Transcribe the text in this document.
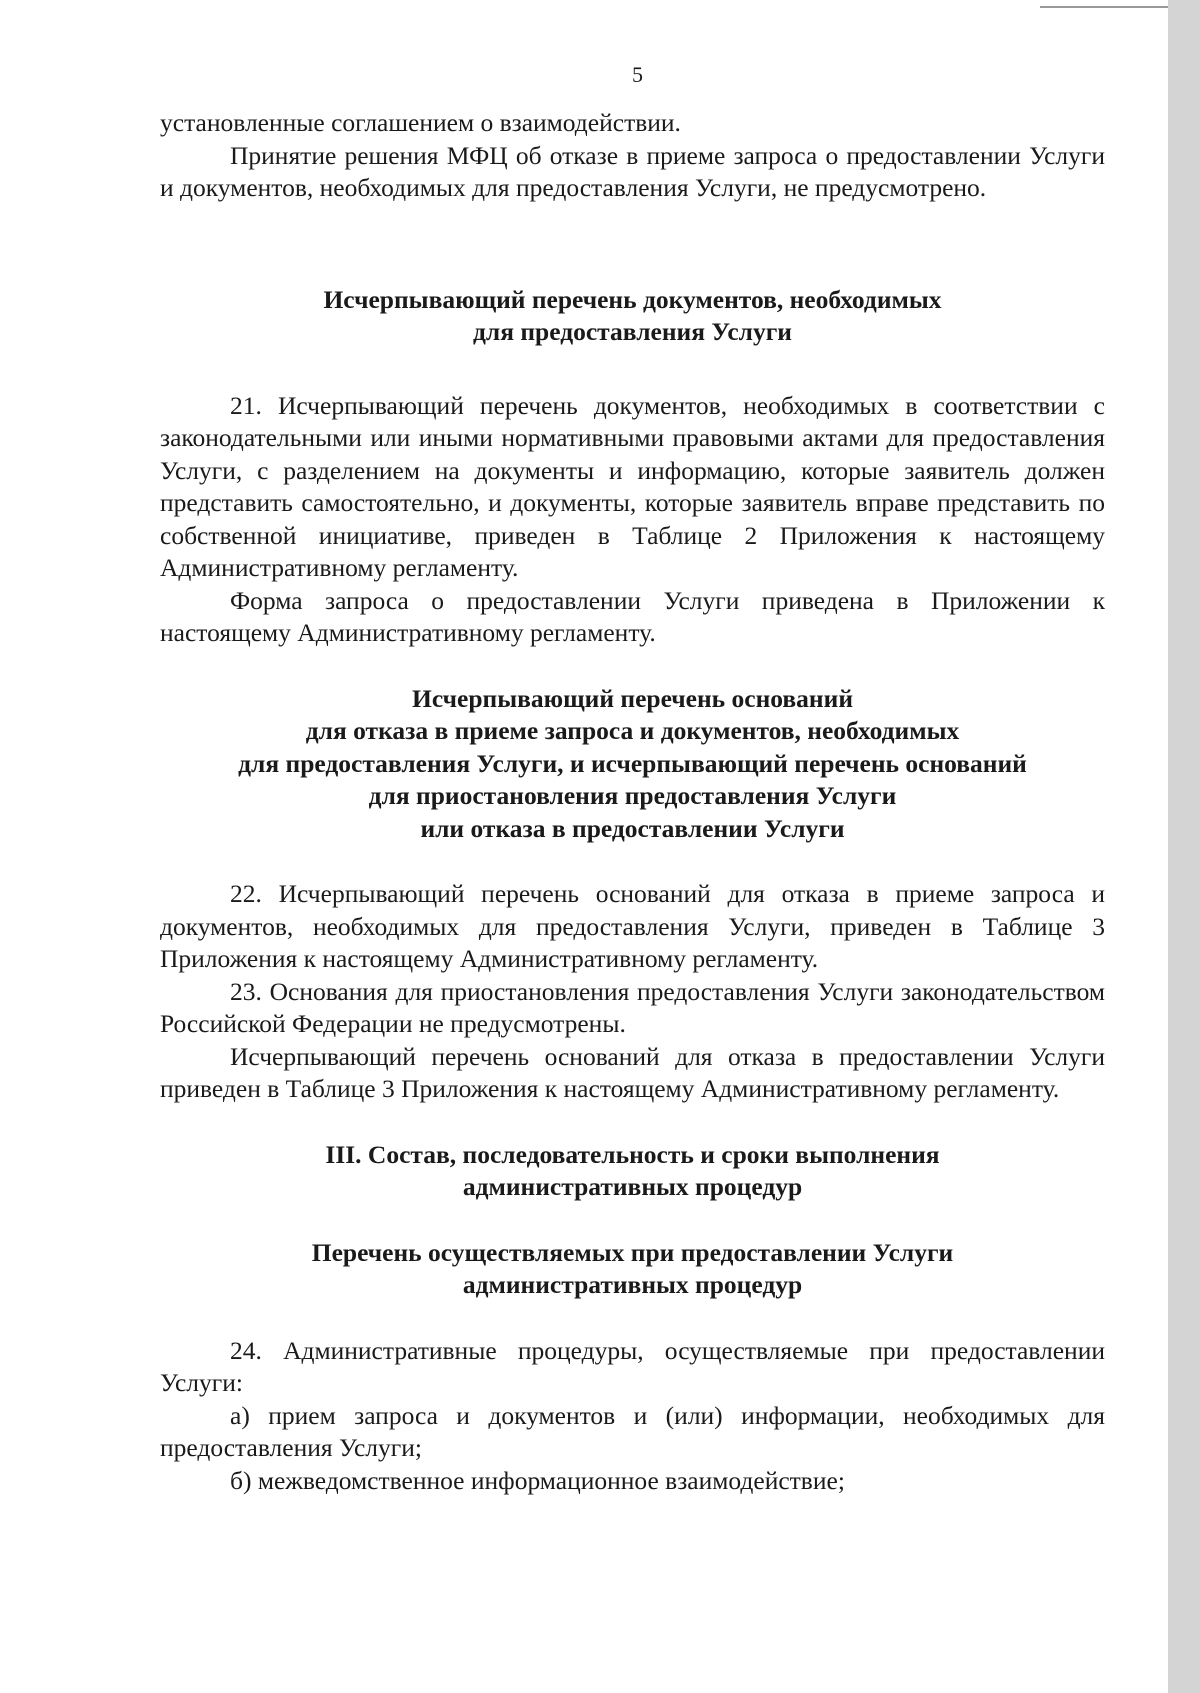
5

установленные соглашением о взаимодействии.

Принятие решения МФЦ об отказе в приеме запроса о предоставлении Услуги и документов, необходимых для предоставления Услуги, не предусмотрено.

Исчерпывающий перечень документов, необходимых
для предоставления Услуги

21. Исчерпывающий перечень документов, необходимых в соответствии с законодательными или иными нормативными правовыми актами для предоставления Услуги, с разделением на документы и информацию, которые заявитель должен представить самостоятельно, и документы, которые заявитель вправе представить по собственной инициативе, приведен в Таблице 2 Приложения к настоящему Административному регламенту.

Форма запроса о предоставлении Услуги приведена в Приложении к настоящему Административному регламенту.

Исчерпывающий перечень оснований
для отказа в приеме запроса и документов, необходимых
для предоставления Услуги, и исчерпывающий перечень оснований
для приостановления предоставления Услуги
или отказа в предоставлении Услуги

22. Исчерпывающий перечень оснований для отказа в приеме запроса и документов, необходимых для предоставления Услуги, приведен в Таблице 3 Приложения к настоящему Административному регламенту.

23. Основания для приостановления предоставления Услуги законодательством Российской Федерации не предусмотрены.

Исчерпывающий перечень оснований для отказа в предоставлении Услуги приведен в Таблице 3 Приложения к настоящему Административному регламенту.

III. Состав, последовательность и сроки выполнения
административных процедур
Перечень осуществляемых при предоставлении Услуги
административных процедур

24. Административные процедуры, осуществляемые при предоставлении Услуги:

а) прием запроса и документов и (или) информации, необходимых для предоставления Услуги;

б) межведомственное информационное взаимодействие;
